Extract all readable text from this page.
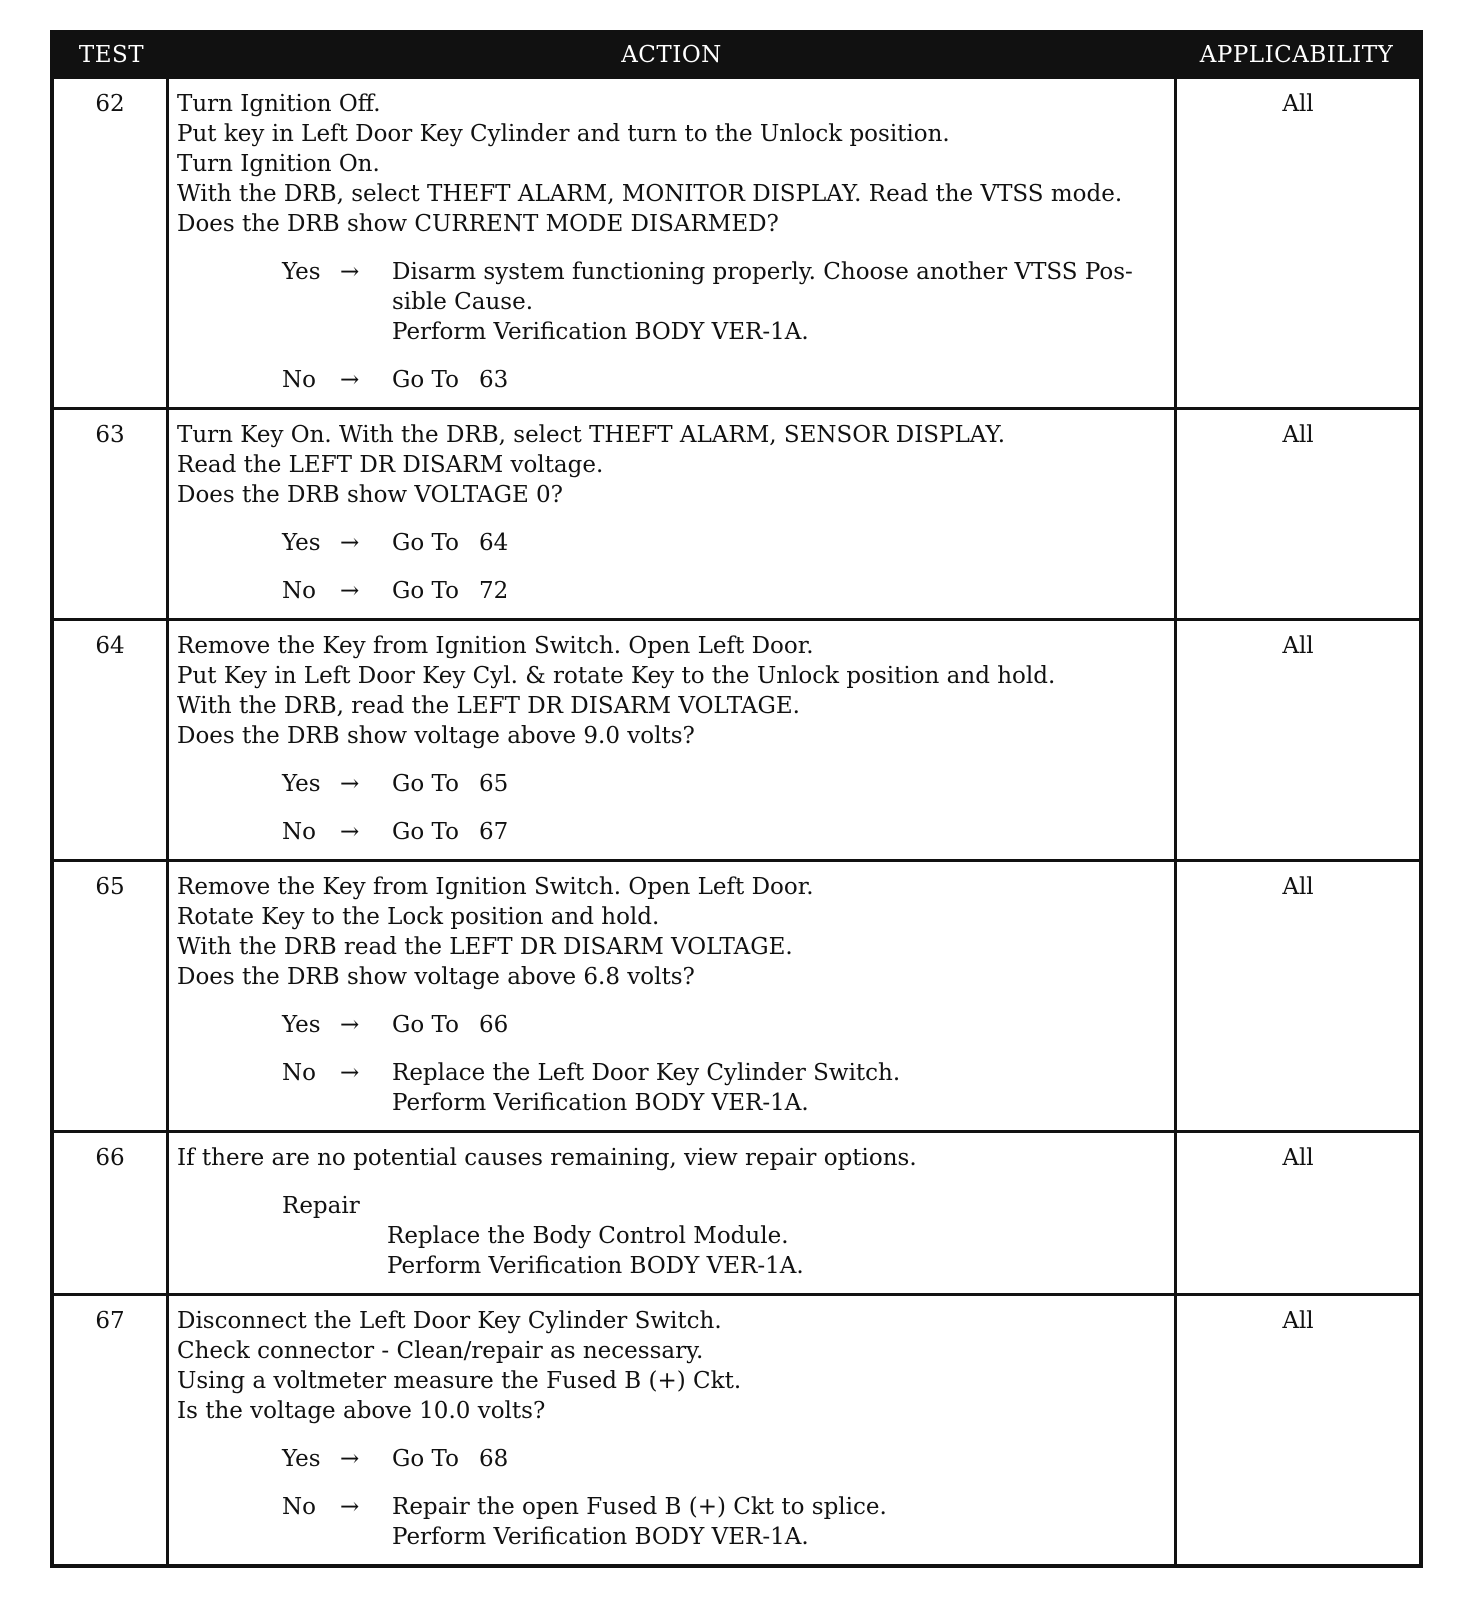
TEST	ACTION	APPLICABILITY
62	Turn Ignition Off.
Put key in Left Door Key Cylinder and turn to the Unlock position.
Turn Ignition On.
With the DRB, select THEFT ALARM, MONITOR DISPLAY. Read the VTSS mode.
Does the DRB show CURRENT MODE DISARMED?
Yes →	Disarm system functioning properly. Choose another VTSS Pos-
sible Cause.
Perform Verification BODY VER-1A.
No	→	Go To 63
All
63	Turn Key On. With the DRB, select THEFT ALARM, SENSOR DISPLAY.
Read the LEFT DR DISARM voltage.
Does the DRB show VOLTAGE 0?
Yes →	Go To 64
No	→	Go To 72
All
64	Remove the Key from Ignition Switch. Open Left Door.
Put Key in Left Door Key Cyl. & rotate Key to the Unlock position and hold.
With the DRB, read the LEFT DR DISARM VOLTAGE.
Does the DRB show voltage above 9.0 volts?
Yes →	Go To 65
No	→	Go To 67
All
65	Remove the Key from Ignition Switch. Open Left Door.
Rotate Key to the Lock position and hold.
With the DRB read the LEFT DR DISARM VOLTAGE.
Does the DRB show voltage above 6.8 volts?
Yes →	Go To 66
No	→	Replace the Left Door Key Cylinder Switch.
Perform Verification BODY VER-1A.
All
66	If there are no potential causes remaining, view repair options.
Repair
Replace the Body Control Module.
Perform Verification BODY VER-1A.
All
67	Disconnect the Left Door Key Cylinder Switch.
Check connector - Clean/repair as necessary.
Using a voltmeter measure the Fused B (+) Ckt.
Is the voltage above 10.0 volts?
Yes →	Go To 68
No	→	Repair the open Fused B (+) Ckt to splice.
Perform Verification BODY VER-1A.
All
